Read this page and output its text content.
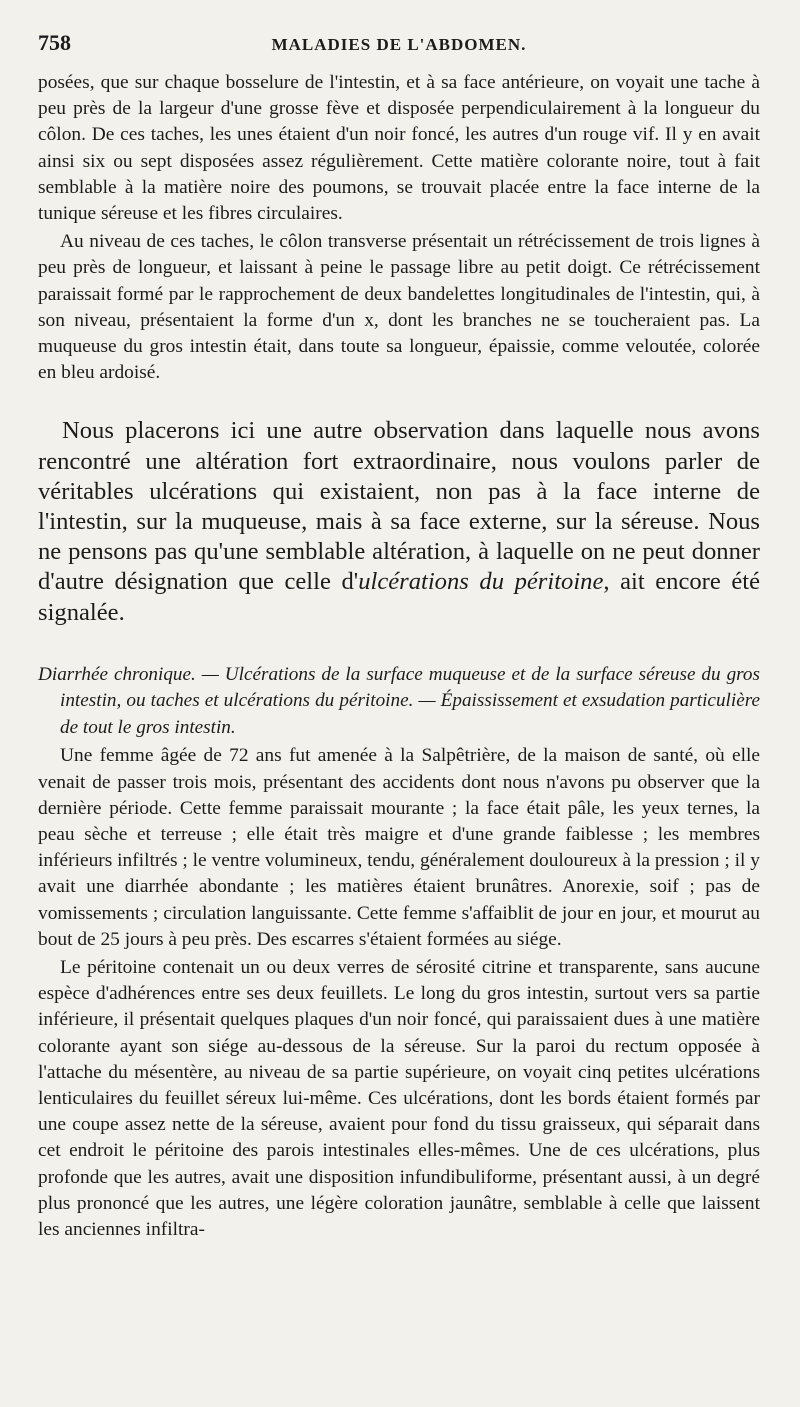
758	MALADIES DE L'ABDOMEN.

posées, que sur chaque bosselure de l'intestin, et à sa face antérieure, on voyait une tache à peu près de la largeur d'une grosse fève et disposée perpendiculairement à la longueur du côlon. De ces taches, les unes étaient d'un noir foncé, les autres d'un rouge vif. Il y en avait ainsi six ou sept disposées assez régulièrement. Cette matière colorante noire, tout à fait semblable à la matière noire des poumons, se trouvait placée entre la face interne de la tunique séreuse et les fibres circulaires.

Au niveau de ces taches, le côlon transverse présentait un rétrécissement de trois lignes à peu près de longueur, et laissant à peine le passage libre au petit doigt. Ce rétrécissement paraissait formé par le rapprochement de deux bandelettes longitudinales de l'intestin, qui, à son niveau, présentaient la forme d'un x, dont les branches ne se toucheraient pas. La muqueuse du gros intestin était, dans toute sa longueur, épaissie, comme veloutée, colorée en bleu ardoisé.

Nous placerons ici une autre observation dans laquelle nous avons rencontré une altération fort extraordinaire, nous voulons parler de véritables ulcérations qui existaient, non pas à la face interne de l'intestin, sur la muqueuse, mais à sa face externe, sur la séreuse. Nous ne pensons pas qu'une semblable altération, à laquelle on ne peut donner d'autre désignation que celle d'ulcérations du péritoine, ait encore été signalée.

Diarrhée chronique. — Ulcérations de la surface muqueuse et de la surface séreuse du gros intestin, ou taches et ulcérations du péritoine. — Épaississement et exsudation particulière de tout le gros intestin.

Une femme âgée de 72 ans fut amenée à la Salpêtrière, de la maison de santé, où elle venait de passer trois mois, présentant des accidents dont nous n'avons pu observer que la dernière période. Cette femme paraissait mourante ; la face était pâle, les yeux ternes, la peau sèche et terreuse ; elle était très maigre et d'une grande faiblesse ; les membres inférieurs infiltrés ; le ventre volumineux, tendu, généralement douloureux à la pression ; il y avait une diarrhée abondante ; les matières étaient brunâtres. Anorexie, soif ; pas de vomissements ; circulation languissante. Cette femme s'affaiblit de jour en jour, et mourut au bout de 25 jours à peu près. Des escarres s'étaient formées au siége.

Le péritoine contenait un ou deux verres de sérosité citrine et transparente, sans aucune espèce d'adhérences entre ses deux feuillets. Le long du gros intestin, surtout vers sa partie inférieure, il présentait quelques plaques d'un noir foncé, qui paraissaient dues à une matière colorante ayant son siége au-dessous de la séreuse. Sur la paroi du rectum opposée à l'attache du mésentère, au niveau de sa partie supérieure, on voyait cinq petites ulcérations lenticulaires du feuillet séreux lui-même. Ces ulcérations, dont les bords étaient formés par une coupe assez nette de la séreuse, avaient pour fond du tissu graisseux, qui séparait dans cet endroit le péritoine des parois intestinales elles-mêmes. Une de ces ulcérations, plus profonde que les autres, avait une disposition infundibuliforme, présentant aussi, à un degré plus prononcé que les autres, une légère coloration jaunâtre, semblable à celle que laissent les anciennes infiltra-
